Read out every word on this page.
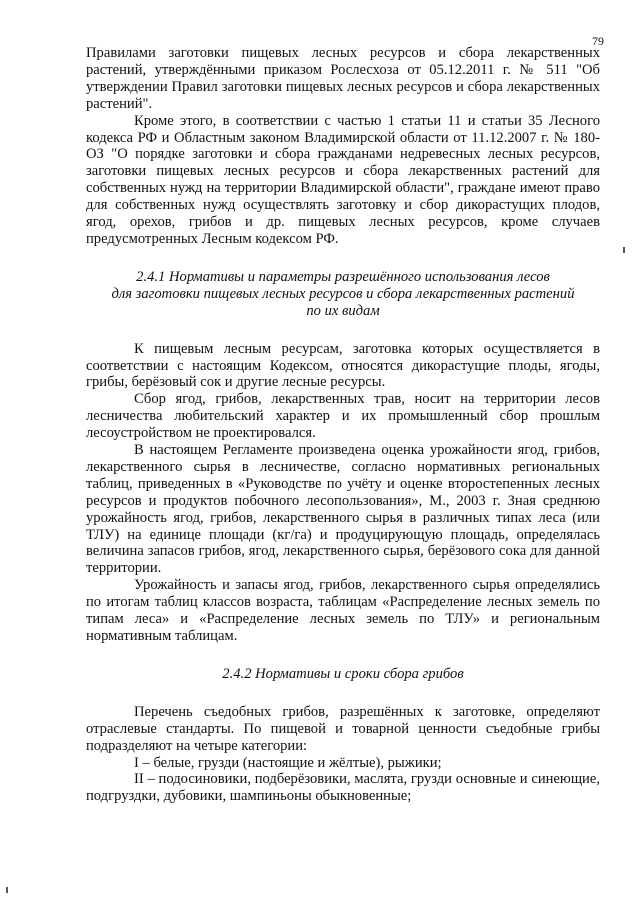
79

Правилами заготовки пищевых лесных ресурсов и сбора лекарственных растений, утверждёнными приказом Рослесхоза от 05.12.2011 г. № 511 "Об утверждении Правил заготовки пищевых лесных ресурсов и сбора лекарственных растений".

Кроме этого, в соответствии с частью 1 статьи 11 и статьи 35 Лесного кодекса РФ и Областным законом Владимирской области от 11.12.2007 г. № 180-ОЗ "О порядке заготовки и сбора гражданами недревесных лесных ресурсов, заготовки пищевых лесных ресурсов и сбора лекарственных растений для собственных нужд на территории Владимирской области", граждане имеют право для собственных нужд осуществлять заготовку и сбор дикорастущих плодов, ягод, орехов, грибов и др. пищевых лесных ресурсов, кроме случаев предусмотренных Лесным кодексом РФ.

2.4.1 Нормативы и параметры разрешённого использования лесов

для заготовки пищевых лесных ресурсов и сбора лекарственных растений

по их видам

К пищевым лесным ресурсам, заготовка которых осуществляется в соответствии с настоящим Кодексом, относятся дикорастущие плоды, ягоды, грибы, берёзовый сок и другие лесные ресурсы.

Сбор ягод, грибов, лекарственных трав, носит на территории лесов лесничества любительский характер и их промышленный сбор прошлым лесоустройством не проектировался.

В настоящем Регламенте произведена оценка урожайности ягод, грибов, лекарственного сырья в лесничестве, согласно нормативных региональных таблиц, приведенных в «Руководстве по учёту и оценке второстепенных лесных ресурсов и продуктов побочного лесопользования», М., 2003 г. Зная среднюю урожайность ягод, грибов, лекарственного сырья в различных типах леса (или ТЛУ) на единице площади (кг/га) и продуцирующую площадь, определялась величина запасов грибов, ягод, лекарственного сырья, берёзового сока для данной территории.

Урожайность и запасы ягод, грибов, лекарственного сырья определялись по итогам таблиц классов возраста, таблицам «Распределение лесных земель по типам леса» и «Распределение лесных земель по ТЛУ» и региональным нормативным таблицам.

2.4.2 Нормативы и сроки сбора грибов

Перечень съедобных грибов, разрешённых к заготовке, определяют отраслевые стандарты. По пищевой и товарной ценности съедобные грибы подразделяют на четыре категории:

I – белые, грузди (настоящие и жёлтые), рыжики;

II – подосиновики, подберёзовики, маслята, грузди основные и синеющие, подгруздки, дубовики, шампиньоны обыкновенные;
